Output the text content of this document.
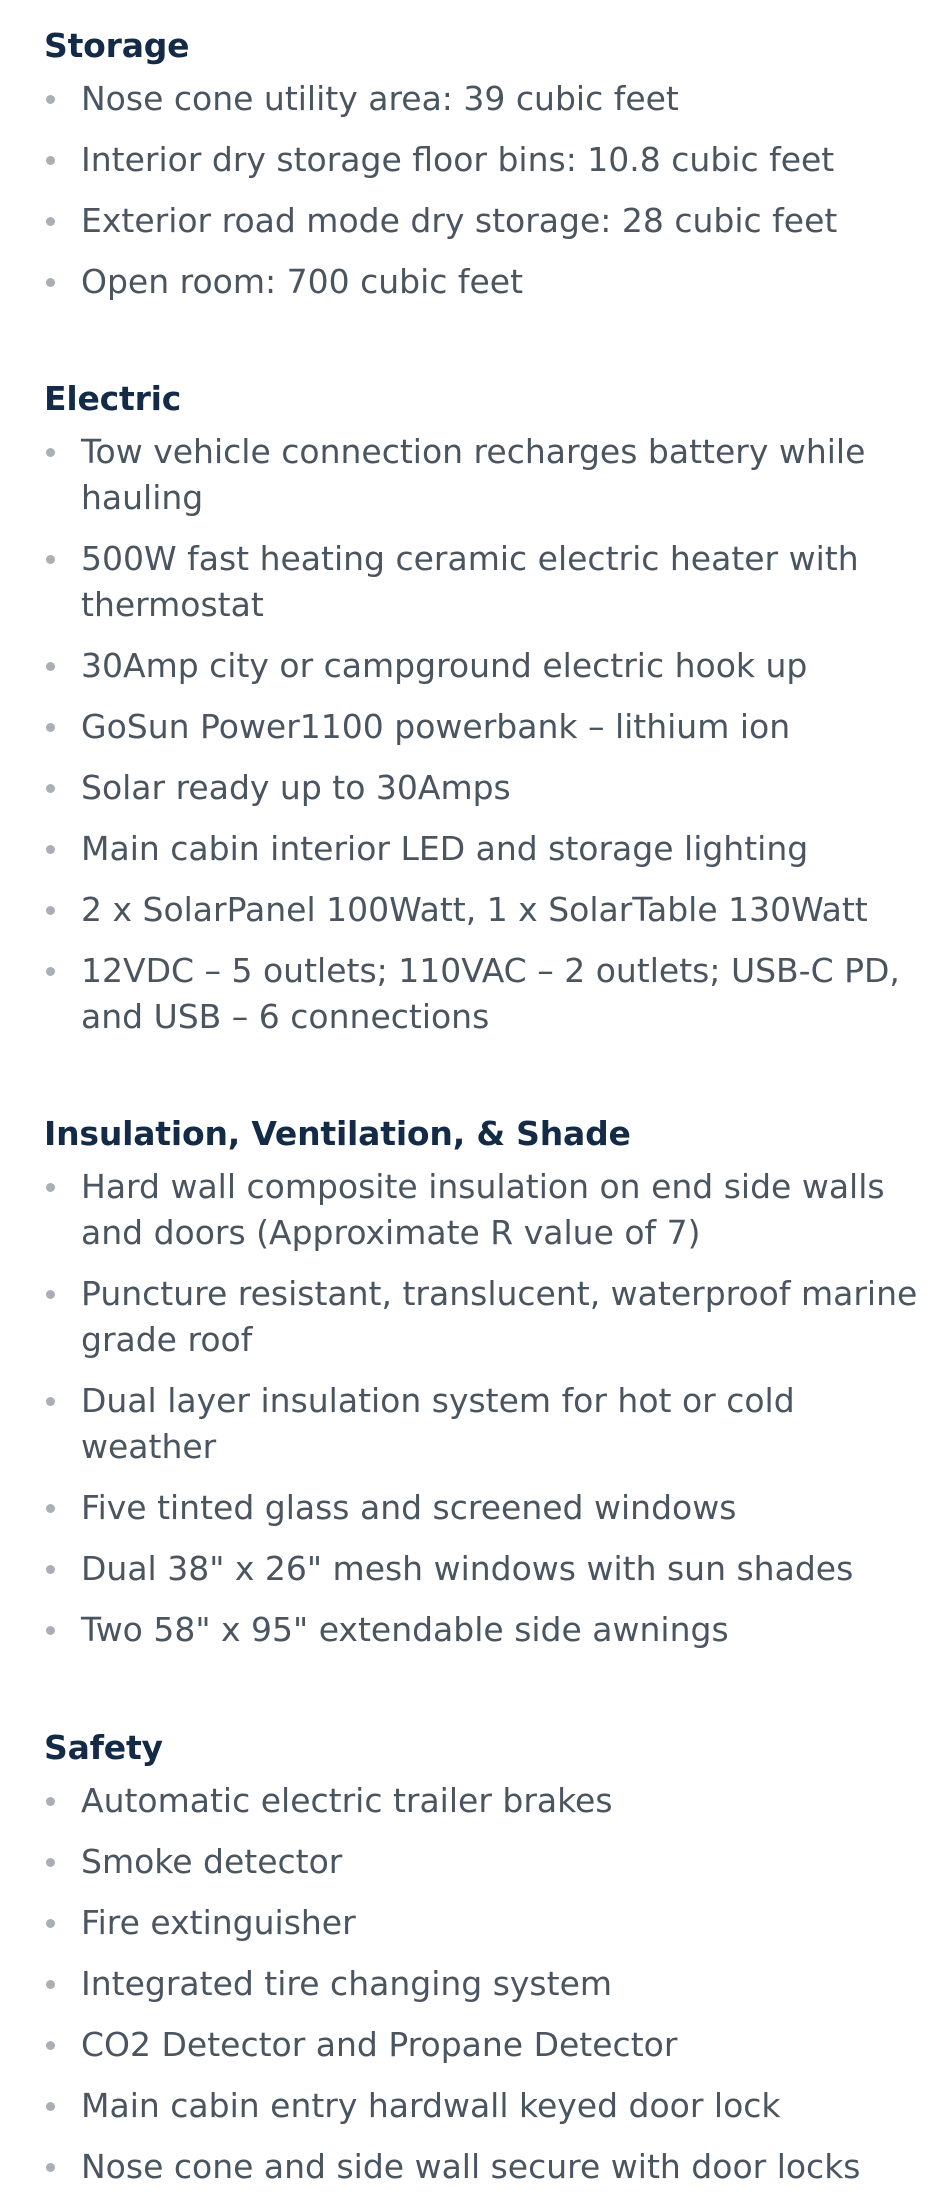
Storage
Nose cone utility area: 39 cubic feet
Interior dry storage floor bins: 10.8 cubic feet
Exterior road mode dry storage: 28 cubic feet
Open room: 700 cubic feet
Electric
Tow vehicle connection recharges battery while hauling
500W fast heating ceramic electric heater with thermostat
30Amp city or campground electric hook up
GoSun Power1100 powerbank – lithium ion
Solar ready up to 30Amps
Main cabin interior LED and storage lighting
2 x SolarPanel 100Watt, 1 x SolarTable 130Watt
12VDC – 5 outlets; 110VAC – 2 outlets; USB-C PD, and USB – 6 connections
Insulation, Ventilation, & Shade
Hard wall composite insulation on end side walls and doors (Approximate R value of 7)
Puncture resistant, translucent, waterproof marine grade roof
Dual layer insulation system for hot or cold weather
Five tinted glass and screened windows
Dual 38" x 26" mesh windows with sun shades
Two 58" x 95" extendable side awnings
Safety
Automatic electric trailer brakes
Smoke detector
Fire extinguisher
Integrated tire changing system
CO2 Detector and Propane Detector
Main cabin entry hardwall keyed door lock
Nose cone and side wall secure with door locks
